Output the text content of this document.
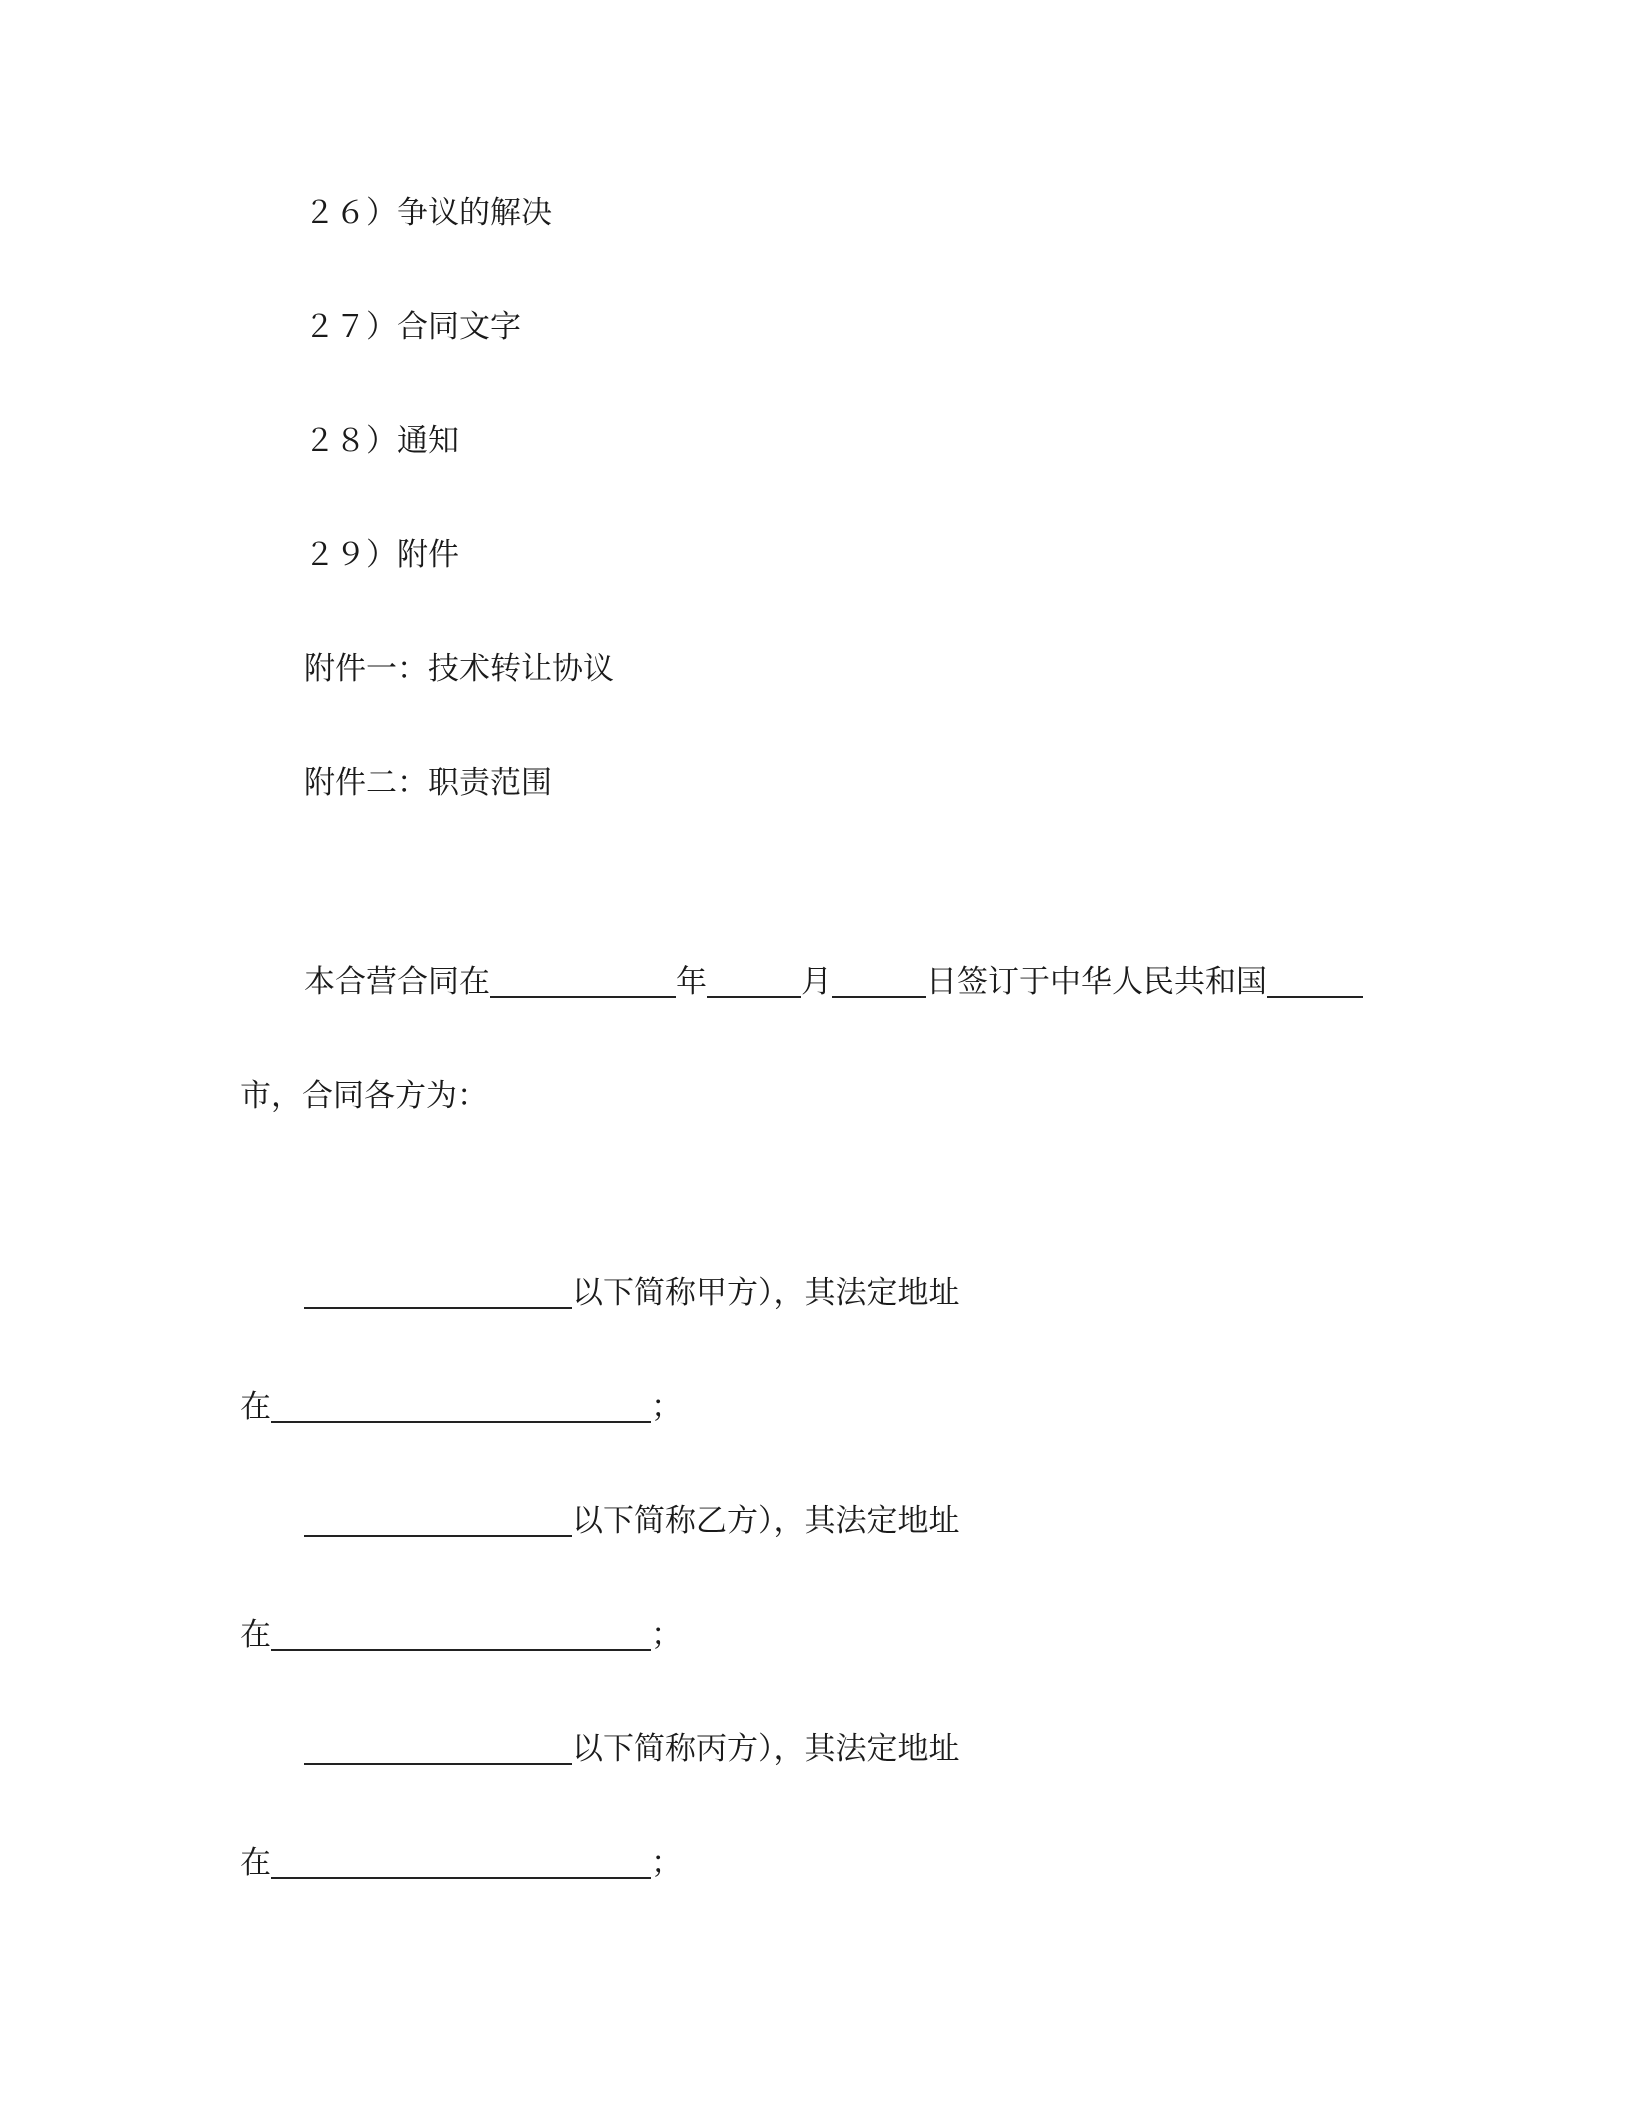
２６）争议的解决
２７）合同文字
２８）通知
２９）附件
附件一：技术转让协议
附件二：职责范围
本合营合同在	年	月	日签订于中华人民共和国
市，合同各方为：
以下简称甲方），其法定地址
在	；
以下简称乙方），其法定地址
在	；
以下简称丙方），其法定地址
在	；
